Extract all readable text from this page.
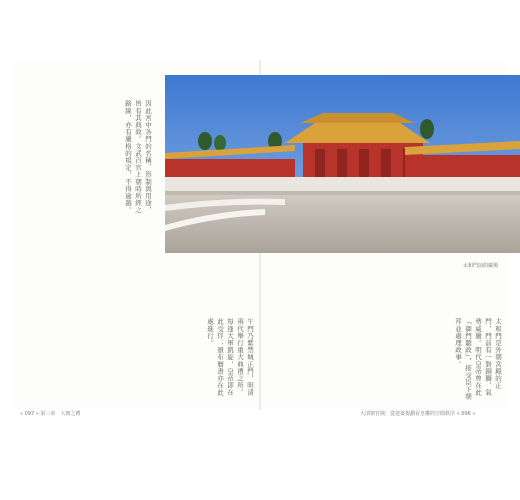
因此宮中各門的名稱、形制與用途，皆有其典故。文武百官上朝時所經之路線，亦有嚴格的規定，不得逾越。
午門乃紫禁城正門，明清兩代舉行重大典禮之所。每逢大軍凱旋，皇帝即在此受俘；頒布曆書亦在此處進行。	太和門是外朝宮殿的正門，門前有一對銅獅，氣勢威嚴。明代皇帝曾在此『御門聽政』，接受臣下朝拜並處理政事。
太和門前的廣場
« 097 » 第三章　大朝之禮	大清朝宮城：從建築規劃看皇權的空間秩序 « 096 »
